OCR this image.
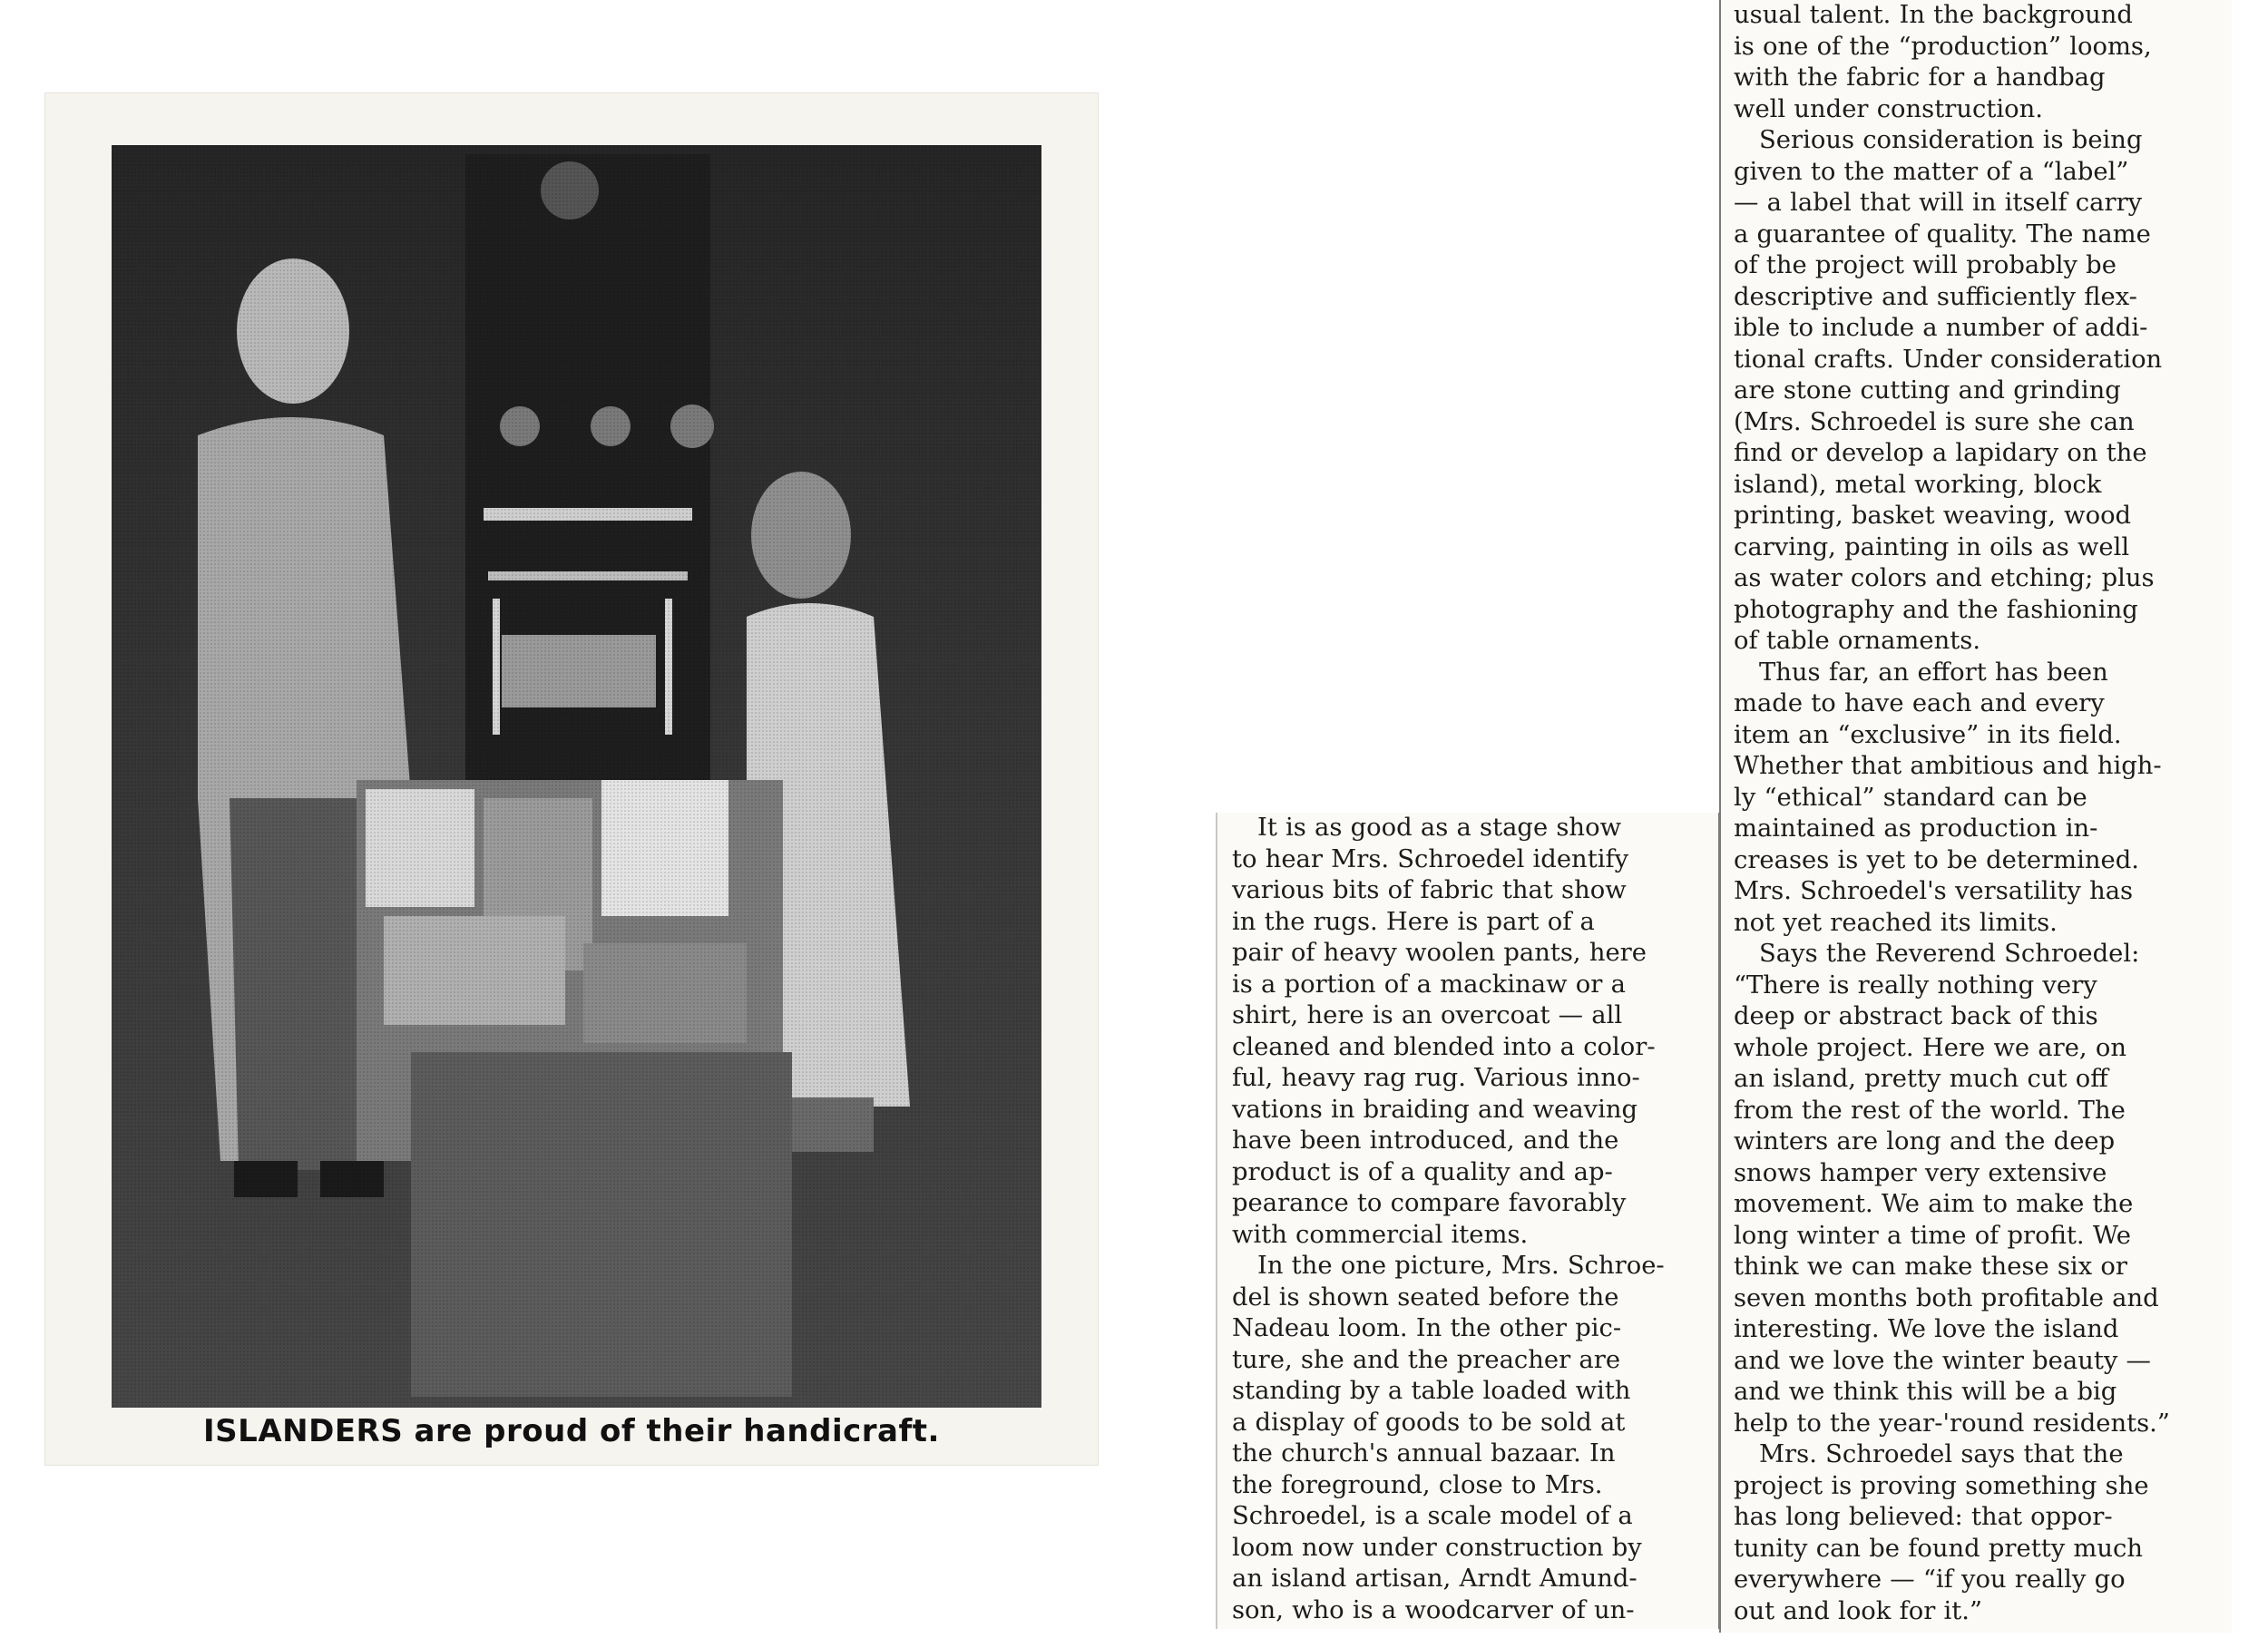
ISLANDERS are proud of their handicraft.

It is as good as a stage show
to hear Mrs. Schroedel identify
various bits of fabric that show
in the rugs. Here is part of a
pair of heavy woolen pants, here
is a portion of a mackinaw or a
shirt, here is an overcoat — all
cleaned and blended into a color-
ful, heavy rag rug. Various inno-
vations in braiding and weaving
have been introduced, and the
product is of a quality and ap-
pearance to compare favorably
with commercial items.

In the one picture, Mrs. Schroe-
del is shown seated before the
Nadeau loom. In the other pic-
ture, she and the preacher are
standing by a table loaded with
a display of goods to be sold at
the church's annual bazaar. In
the foreground, close to Mrs.
Schroedel, is a scale model of a
loom now under construction by
an island artisan, Arndt Amund-
son, who is a woodcarver of un-

usual talent. In the background
is one of the “production” looms,
with the fabric for a handbag
well under construction.

Serious consideration is being
given to the matter of a “label”
— a label that will in itself carry
a guarantee of quality. The name
of the project will probably be
descriptive and sufficiently flex-
ible to include a number of addi-
tional crafts. Under consideration
are stone cutting and grinding
(Mrs. Schroedel is sure she can
find or develop a lapidary on the
island), metal working, block
printing, basket weaving, wood
carving, painting in oils as well
as water colors and etching; plus
photography and the fashioning
of table ornaments.

Thus far, an effort has been
made to have each and every
item an “exclusive” in its field.
Whether that ambitious and high-
ly “ethical” standard can be
maintained as production in-
creases is yet to be determined.
Mrs. Schroedel's versatility has
not yet reached its limits.

Says the Reverend Schroedel:
“There is really nothing very
deep or abstract back of this
whole project. Here we are, on
an island, pretty much cut off
from the rest of the world. The
winters are long and the deep
snows hamper very extensive
movement. We aim to make the
long winter a time of profit. We
think we can make these six or
seven months both profitable and
interesting. We love the island
and we love the winter beauty —
and we think this will be a big
help to the year-'round residents.”

Mrs. Schroedel says that the
project is proving something she
has long believed: that oppor-
tunity can be found pretty much
everywhere — “if you really go
out and look for it.”
